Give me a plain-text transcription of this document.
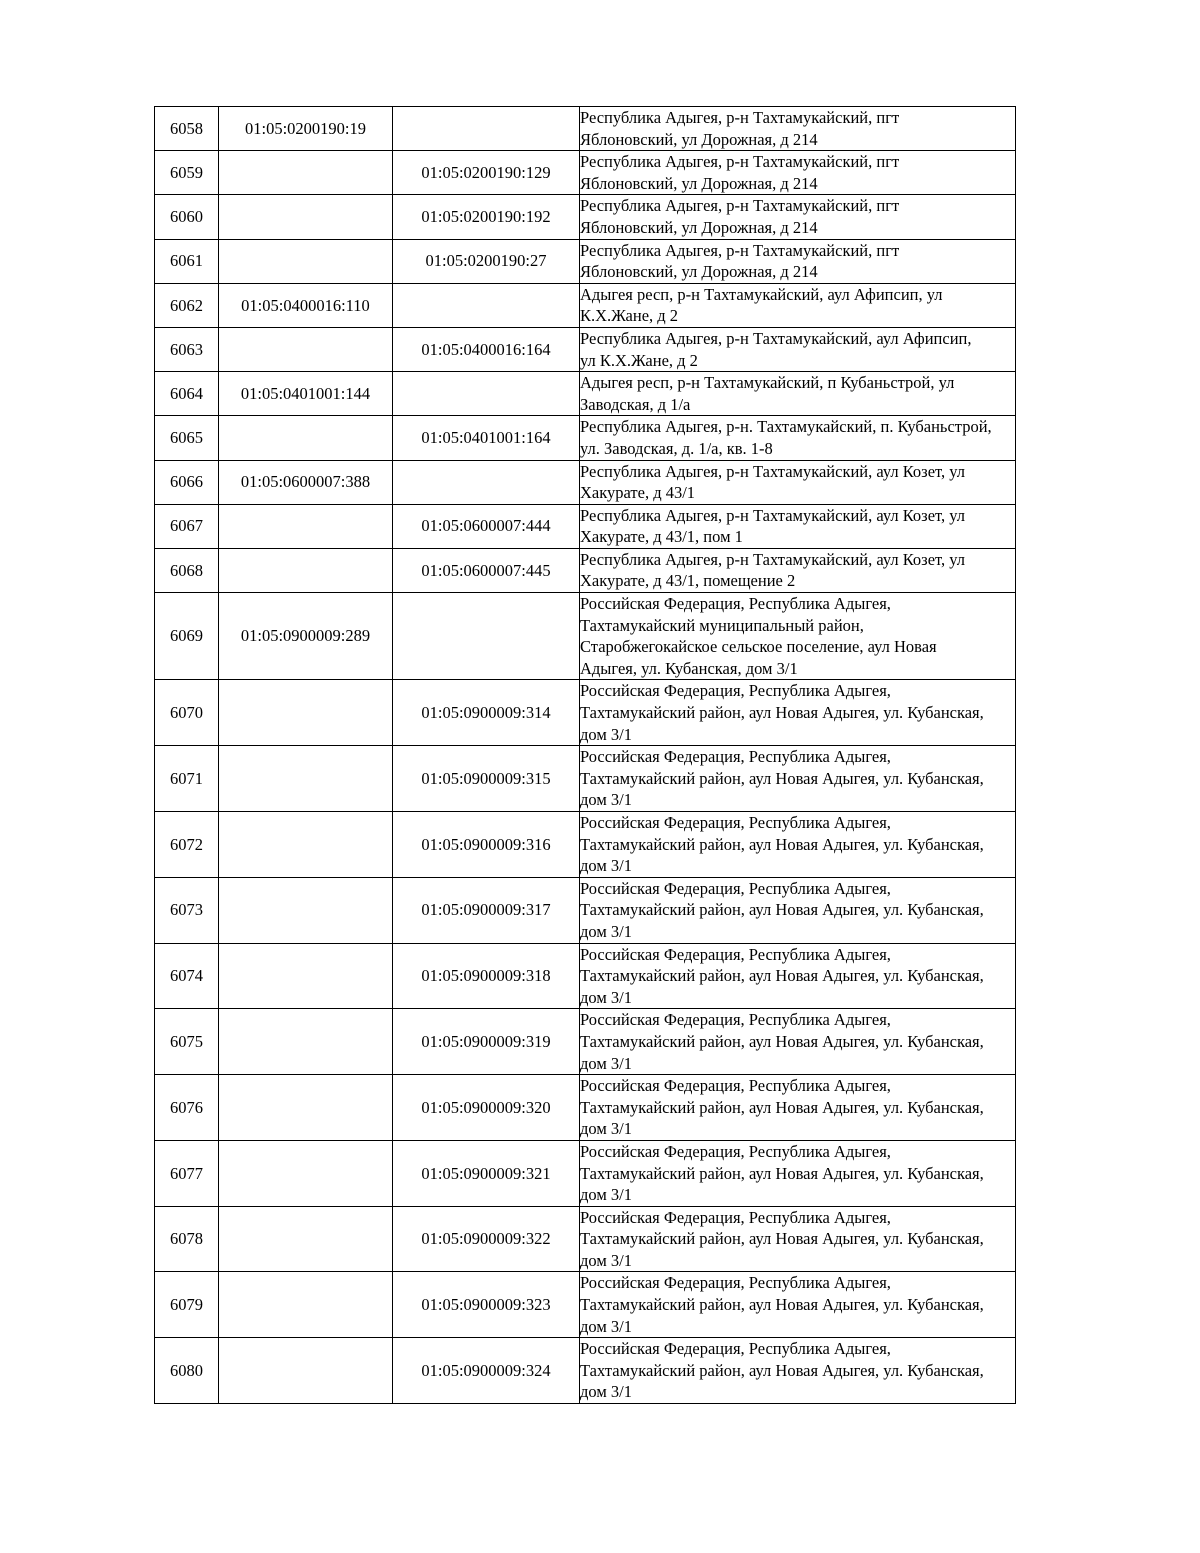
6058	01:05:0200190:19		Республика Адыгея, р-н Тахтамукайский, пгт
Яблоновский, ул Дорожная, д 214

6059		01:05:0200190:129	Республика Адыгея, р-н Тахтамукайский, пгт
Яблоновский, ул Дорожная, д 214

6060		01:05:0200190:192	Республика Адыгея, р-н Тахтамукайский, пгт
Яблоновский, ул Дорожная, д 214

6061		01:05:0200190:27	Республика Адыгея, р-н Тахтамукайский, пгт
Яблоновский, ул Дорожная, д 214

6062	01:05:0400016:110		Адыгея респ, р-н Тахтамукайский, аул Афипсип, ул
К.Х.Жане, д 2

6063		01:05:0400016:164	Республика Адыгея, р-н Тахтамукайский, аул Афипсип,
ул К.Х.Жане, д 2

6064	01:05:0401001:144		Адыгея респ, р-н Тахтамукайский, п Кубаньстрой, ул
Заводская, д 1/а

6065		01:05:0401001:164	Республика Адыгея, р-н. Тахтамукайский, п. Кубаньстрой,
ул. Заводская, д. 1/а, кв. 1-8

6066	01:05:0600007:388		Республика Адыгея, р-н Тахтамукайский, аул Козет, ул
Хакурате, д 43/1

6067		01:05:0600007:444	Республика Адыгея, р-н Тахтамукайский, аул Козет, ул
Хакурате, д 43/1, пом 1

6068		01:05:0600007:445	Республика Адыгея, р-н Тахтамукайский, аул Козет, ул
Хакурате, д 43/1, помещение 2

6069	01:05:0900009:289		Российская Федерация, Республика Адыгея,
Тахтамукайский муниципальный район,
Старобжегокайское сельское поселение, аул Новая
Адыгея, ул. Кубанская, дом 3/1

6070		01:05:0900009:314	Российская Федерация, Республика Адыгея,
Тахтамукайский район, аул Новая Адыгея, ул. Кубанская,
дом 3/1

6071		01:05:0900009:315	Российская Федерация, Республика Адыгея,
Тахтамукайский район, аул Новая Адыгея, ул. Кубанская,
дом 3/1

6072		01:05:0900009:316	Российская Федерация, Республика Адыгея,
Тахтамукайский район, аул Новая Адыгея, ул. Кубанская,
дом 3/1

6073		01:05:0900009:317	Российская Федерация, Республика Адыгея,
Тахтамукайский район, аул Новая Адыгея, ул. Кубанская,
дом 3/1

6074		01:05:0900009:318	Российская Федерация, Республика Адыгея,
Тахтамукайский район, аул Новая Адыгея, ул. Кубанская,
дом 3/1

6075		01:05:0900009:319	Российская Федерация, Республика Адыгея,
Тахтамукайский район, аул Новая Адыгея, ул. Кубанская,
дом 3/1

6076		01:05:0900009:320	Российская Федерация, Республика Адыгея,
Тахтамукайский район, аул Новая Адыгея, ул. Кубанская,
дом 3/1

6077		01:05:0900009:321	Российская Федерация, Республика Адыгея,
Тахтамукайский район, аул Новая Адыгея, ул. Кубанская,
дом 3/1

6078		01:05:0900009:322	Российская Федерация, Республика Адыгея,
Тахтамукайский район, аул Новая Адыгея, ул. Кубанская,
дом 3/1

6079		01:05:0900009:323	Российская Федерация, Республика Адыгея,
Тахтамукайский район, аул Новая Адыгея, ул. Кубанская,
дом 3/1

6080		01:05:0900009:324	Российская Федерация, Республика Адыгея,
Тахтамукайский район, аул Новая Адыгея, ул. Кубанская,
дом 3/1
